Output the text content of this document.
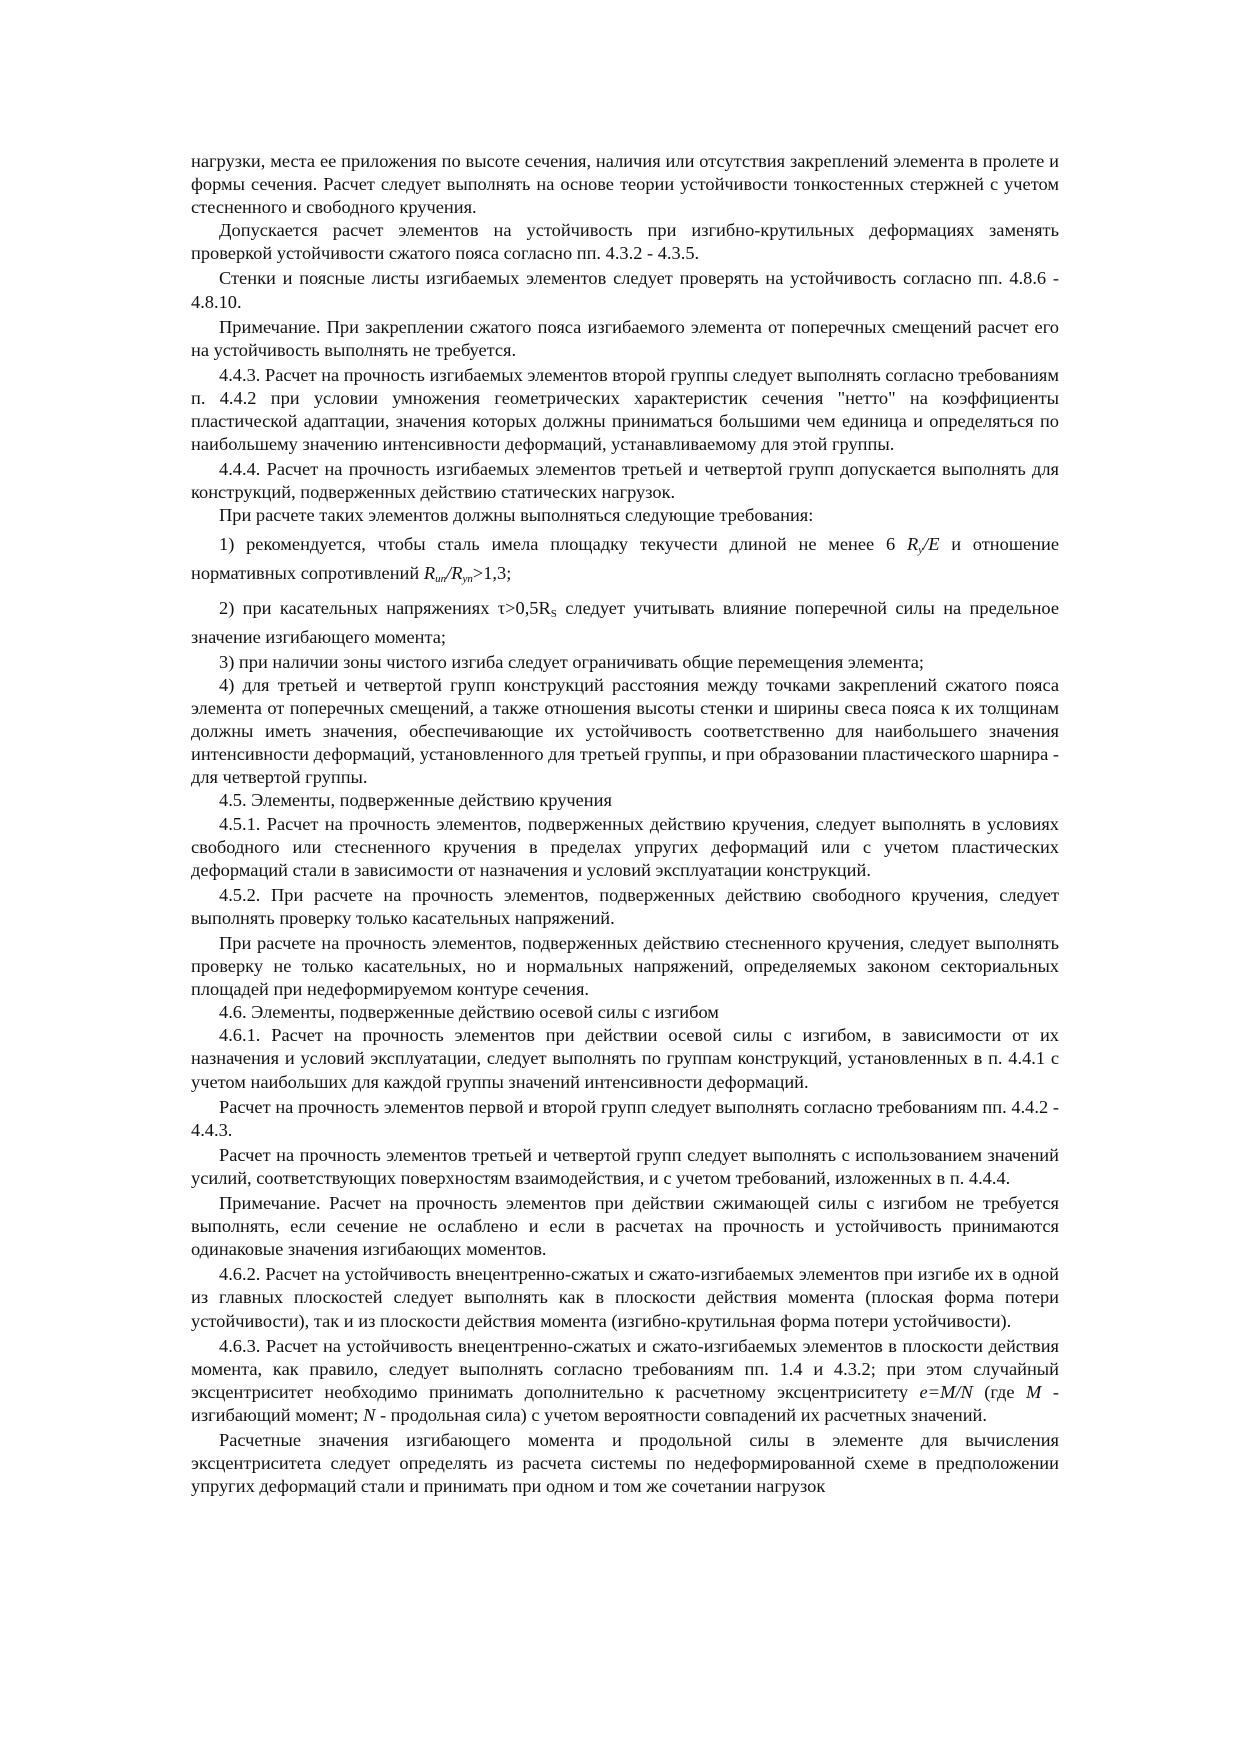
нагрузки, места ее приложения по высоте сечения, наличия или отсутствия закреплений элемента в пролете и формы сечения. Расчет следует выполнять на основе теории устойчивости тонкостенных стержней с учетом стесненного и свободного кручения.

Допускается расчет элементов на устойчивость при изгибно-крутильных деформациях заменять проверкой устойчивости сжатого пояса согласно пп. 4.3.2 - 4.3.5.

Стенки и поясные листы изгибаемых элементов следует проверять на устойчивость согласно пп. 4.8.6 - 4.8.10.

Примечание. При закреплении сжатого пояса изгибаемого элемента от поперечных смещений расчет его на устойчивость выполнять не требуется.

4.4.3. Расчет на прочность изгибаемых элементов второй группы следует выполнять согласно требованиям п. 4.4.2 при условии умножения геометрических характеристик сечения "нетто" на коэффициенты пластической адаптации, значения которых должны приниматься большими чем единица и определяться по наибольшему значению интенсивности деформаций, устанавливаемому для этой группы.

4.4.4. Расчет на прочность изгибаемых элементов третьей и четвертой групп допускается выполнять для конструкций, подверженных действию статических нагрузок.

При расчете таких элементов должны выполняться следующие требования:

1) рекомендуется, чтобы сталь имела площадку текучести длиной не менее 6 $R_y/E$ и отношение нормативных сопротивлений $R_{un}/R_{yn}>1,3$;

2) при касательных напряжениях τ>0,5RS следует учитывать влияние поперечной силы на предельное значение изгибающего момента;

3) при наличии зоны чистого изгиба следует ограничивать общие перемещения элемента;

4) для третьей и четвертой групп конструкций расстояния между точками закреплений сжатого пояса элемента от поперечных смещений, а также отношения высоты стенки и ширины свеса пояса к их толщинам должны иметь значения, обеспечивающие их устойчивость соответственно для наибольшего значения интенсивности деформаций, установленного для третьей группы, и при образовании пластического шарнира - для четвертой группы.

4.5. Элементы, подверженные действию кручения

4.5.1. Расчет на прочность элементов, подверженных действию кручения, следует выполнять в условиях свободного или стесненного кручения в пределах упругих деформаций или с учетом пластических деформаций стали в зависимости от назначения и условий эксплуатации конструкций.

4.5.2. При расчете на прочность элементов, подверженных действию свободного кручения, следует выполнять проверку только касательных напряжений.

При расчете на прочность элементов, подверженных действию стесненного кручения, следует выполнять проверку не только касательных, но и нормальных напряжений, определяемых законом секториальных площадей при недеформируемом контуре сечения.

4.6. Элементы, подверженные действию осевой силы с изгибом

4.6.1. Расчет на прочность элементов при действии осевой силы с изгибом, в зависимости от их назначения и условий эксплуатации, следует выполнять по группам конструкций, установленных в п. 4.4.1 с учетом наибольших для каждой группы значений интенсивности деформаций.

Расчет на прочность элементов первой и второй групп следует выполнять согласно требованиям пп. 4.4.2 - 4.4.3.

Расчет на прочность элементов третьей и четвертой групп следует выполнять с использованием значений усилий, соответствующих поверхностям взаимодействия, и с учетом требований, изложенных в п. 4.4.4.

Примечание. Расчет на прочность элементов при действии сжимающей силы с изгибом не требуется выполнять, если сечение не ослаблено и если в расчетах на прочность и устойчивость принимаются одинаковые значения изгибающих моментов.

4.6.2. Расчет на устойчивость внецентренно-сжатых и сжато-изгибаемых элементов при изгибе их в одной из главных плоскостей следует выполнять как в плоскости действия момента (плоская форма потери устойчивости), так и из плоскости действия момента (изгибно-крутильная форма потери устойчивости).

4.6.3. Расчет на устойчивость внецентренно-сжатых и сжато-изгибаемых элементов в плоскости действия момента, как правило, следует выполнять согласно требованиям пп. 1.4 и 4.3.2; при этом случайный эксцентриситет необходимо принимать дополнительно к расчетному эксцентриситету e=M/N (где M - изгибающий момент; N - продольная сила) с учетом вероятности совпадений их расчетных значений.

Расчетные значения изгибающего момента и продольной силы в элементе для вычисления эксцентриситета следует определять из расчета системы по недеформированной схеме в предположении упругих деформаций стали и принимать при одном и том же сочетании нагрузок
